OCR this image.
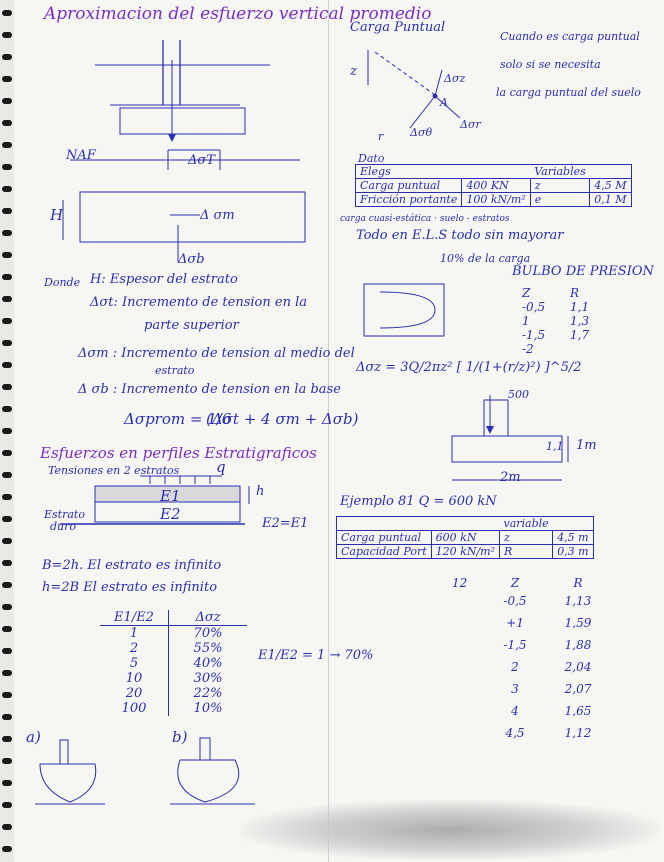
Aproximacion del esfuerzo vertical promedio
NAF	ΔσT
Δ σm
Δσb
H
Donde H: Espesor del estrato
Δσt: Incremento de tension en la
parte superior
Δσm : Incremento de tension al medio del
estrato
Δ σb : Incremento de tension en la base
Δσprom = 1/6
(Δσt + 4 σm + Δσb)
Esfuerzos en perfiles Estratigraficos
Tensiones en 2 estratos q
E1
E2
h
Estrato
duro	E2=E1
B=2h. El estrato es infinito
h=2B El estrato es infinito
E1/E2	Δσz
1	70%
2	55%
5	40%
10	30%
20	22%
100	10%
E1/E2 = 1 → 70%
a)	b)
Carga Puntual
Cuando es carga puntual
solo si se necesita
la carga puntual del suelo
z	Δσz
A
Δσr
Δσθ
r
Dato
Elegs		Variables	
Carga puntual	400 KN	z	4,5 M
Fricción portante	100 kN/m²	e	0,1 M
carga cuasi-estática · suelo - estratos
Todo en E.L.S todo sin mayorar
10% de la carga
BULBO DE PRESION
Z	R
-0,5	1,1
1	1,3
-1,5	1,7
-2	
Δσz = 3Q/2πz² [ 1/(1+(r/z)²) ]^5/2
500
1,1 1m
2m
Ejemplo 81 Q = 600 kN
		variable	
Carga puntual	600 kN	z	4,5 m
Capacidad Port	120 kN/m²	R	0,3 m
12	Z	R
	-0,5	1,13
	+1	1,59
	-1,5	1,88
	2	2,04
	3	2,07
	4	1,65
	4,5	1,12
